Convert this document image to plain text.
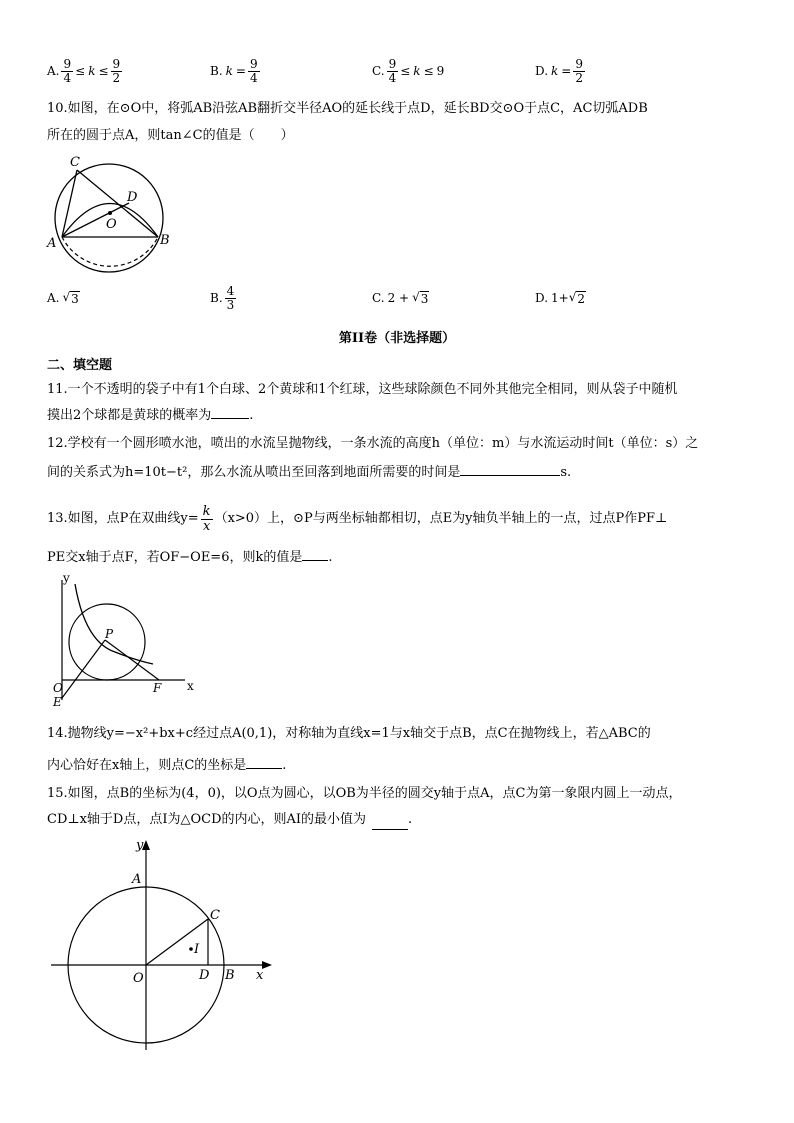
A. $\frac{9}{4} \le k \le \frac{9}{2}$	B. $k = \frac{9}{4}$	C. $\frac{9}{4} \le k \le 9$	D. $k = \frac{9}{2}$
10.如图，在⊙O中，将弧AB沿弦AB翻折交半径AO的延长线于点D，延长BD交⊙O于点C，AC切弧ADB
所在的圆于点A，则tan∠C的值是（　　）
C
D
O
A	B
A. √ 3	B. $\frac{4}{3}$	C. 2 + √ 3	D. 1+ √ 2
第II卷（非选择题）
二、填空题
11.一个不透明的袋子中有1个白球、2个黄球和1个红球，这些球除颜色不同外其他完全相同，则从袋子中随机
摸出2个球都是黄球的概率为	.
12.学校有一个圆形喷水池，喷出的水流呈抛物线，一条水流的高度h（单位：m）与水流运动时间t（单位：s）之
间的关系式为h=10t−t²，那么水流从喷出至回落到地面所需要的时间是	s.
13.如图，点P在双曲线$y= \frac{k}{x} (x>0)$上，⊙P与两坐标轴都相切，点E为y轴负半轴上的一点，过点P作PF⊥
PE交x轴于点F，若OF−OE=6，则k的值是 .
y
P
O	F x
E
14.抛物线y=−x²+bx+c经过点A(0,1)，对称轴为直线x=1与x轴交于点B，点C在抛物线上，若△ABC的
内心恰好在x轴上，则点C的坐标是	.
15.如图，点B的坐标为(4，0)，以O点为圆心，以OB为半径的圆交y轴于点A，点C为第一象限内圆上一动点，
CD⊥x轴于D点，点I为△OCD的内心，则AI的最小值为	.
y
A
C
I
O	D B x
